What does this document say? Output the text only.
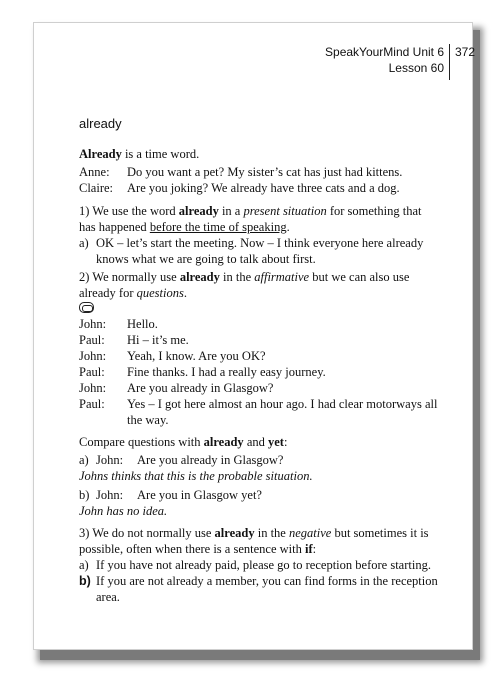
SpeakYourMind Unit 6
Lesson 60
372
already
Already is a time word.
Anne: Do you want a pet? My sister’s cat has just had kittens.
Claire: Are you joking? We already have three cats and a dog.
1) We use the word already in a present situation for something that
has happened before the time of speaking.
a) OK – let’s start the meeting. Now – I think everyone here already
knows what we are going to talk about first.
2) We normally use already in the affirmative but we can also use
already for questions.
John: Hello.
Paul: Hi – it’s me.
John: Yeah, I know. Are you OK?
Paul: Fine thanks. I had a really easy journey.
John: Are you already in Glasgow?
Paul: Yes – I got here almost an hour ago. I had clear motorways all
the way.
Compare questions with already and yet:
a) John: Are you already in Glasgow?
Johns thinks that this is the probable situation.
b) John: Are you in Glasgow yet?
John has no idea.
3) We do not normally use already in the negative but sometimes it is
possible, often when there is a sentence with if:
a) If you have not already paid, please go to reception before starting.
b) If you are not already a member, you can find forms in the reception
area.
